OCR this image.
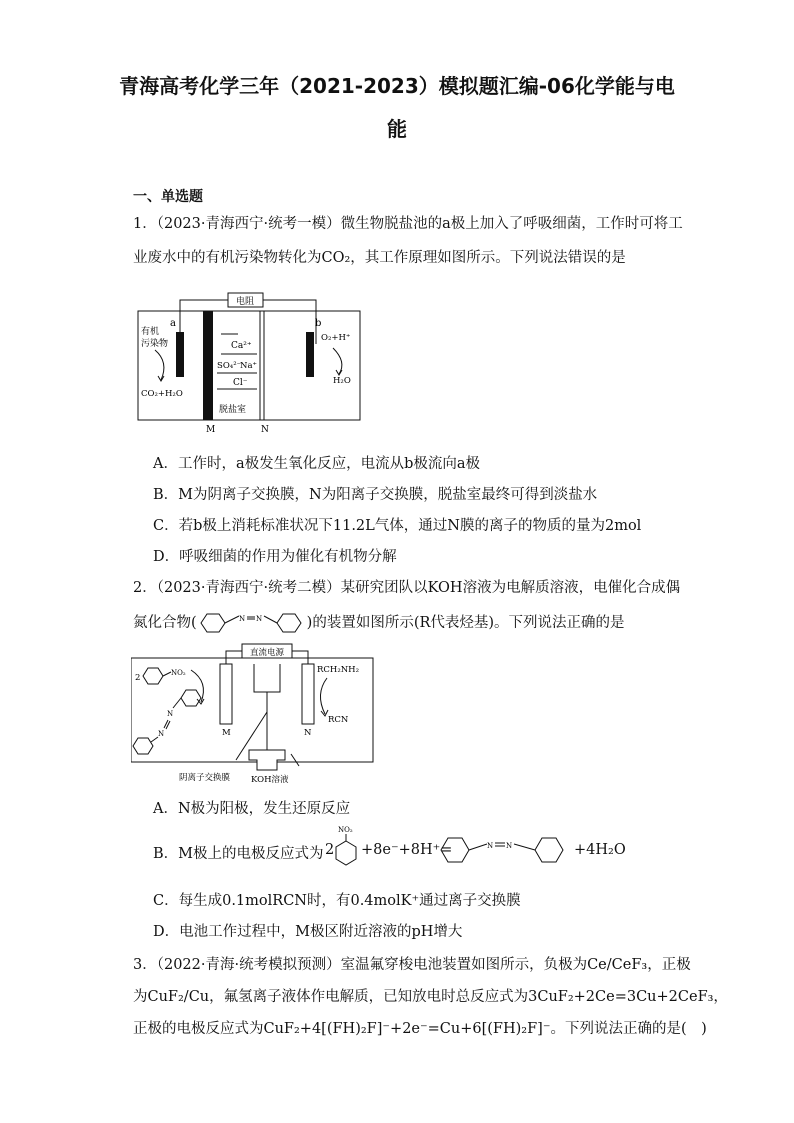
青海高考化学三年（2021-2023）模拟题汇编-06化学能与电
能
一、单选题
1．（2023·青海西宁·统考一模）微生物脱盐池的a极上加入了呼吸细菌，工作时可将工
业废水中的有机污染物转化为CO₂，其工作原理如图所示。下列说法错误的是
电阻
a	b
M	N
有机
污染物
CO₂+H₂O
O₂+H⁺
H₂O
Ca²⁺
SO₄²⁻
Na⁺
Cl⁻
脱盐室
A．工作时，a极发生氧化反应，电流从b极流向a极
B．M为阴离子交换膜，N为阳离子交换膜，脱盐室最终可得到淡盐水
C．若b极上消耗标准状况下11.2L气体，通过N膜的离子的物质的量为2mol
D．呼吸细菌的作用为催化有机物分解
2．（2023·青海西宁·统考二模）某研究团队以KOH溶液为电解质溶液，电催化合成偶
氮化合物(	N N	)的装置如图所示(R代表烃基)。下列说法正确的是
直流电源
M	N
阴离子交换膜 KOH溶液
2	NO₂
N
N
RCH₂NH₂
RCN
A．N极为阳极，发生还原反应
B．M极上的电极反应式为 2
NO₂
+8e⁻+8H⁺=	N N	+4H₂O
C．每生成0.1molRCN时，有0.4molK⁺通过离子交换膜
D．电池工作过程中，M极区附近溶液的pH增大
3．（2022·青海·统考模拟预测）室温氟穿梭电池装置如图所示，负极为Ce/CeF₃，正极
为CuF₂/Cu，氟氢离子液体作电解质，已知放电时总反应式为3CuF₂+2Ce=3Cu+2CeF₃，
正极的电极反应式为CuF₂+4[(FH)₂F]⁻+2e⁻=Cu+6[(FH)₂F]⁻。下列说法正确的是(　)
